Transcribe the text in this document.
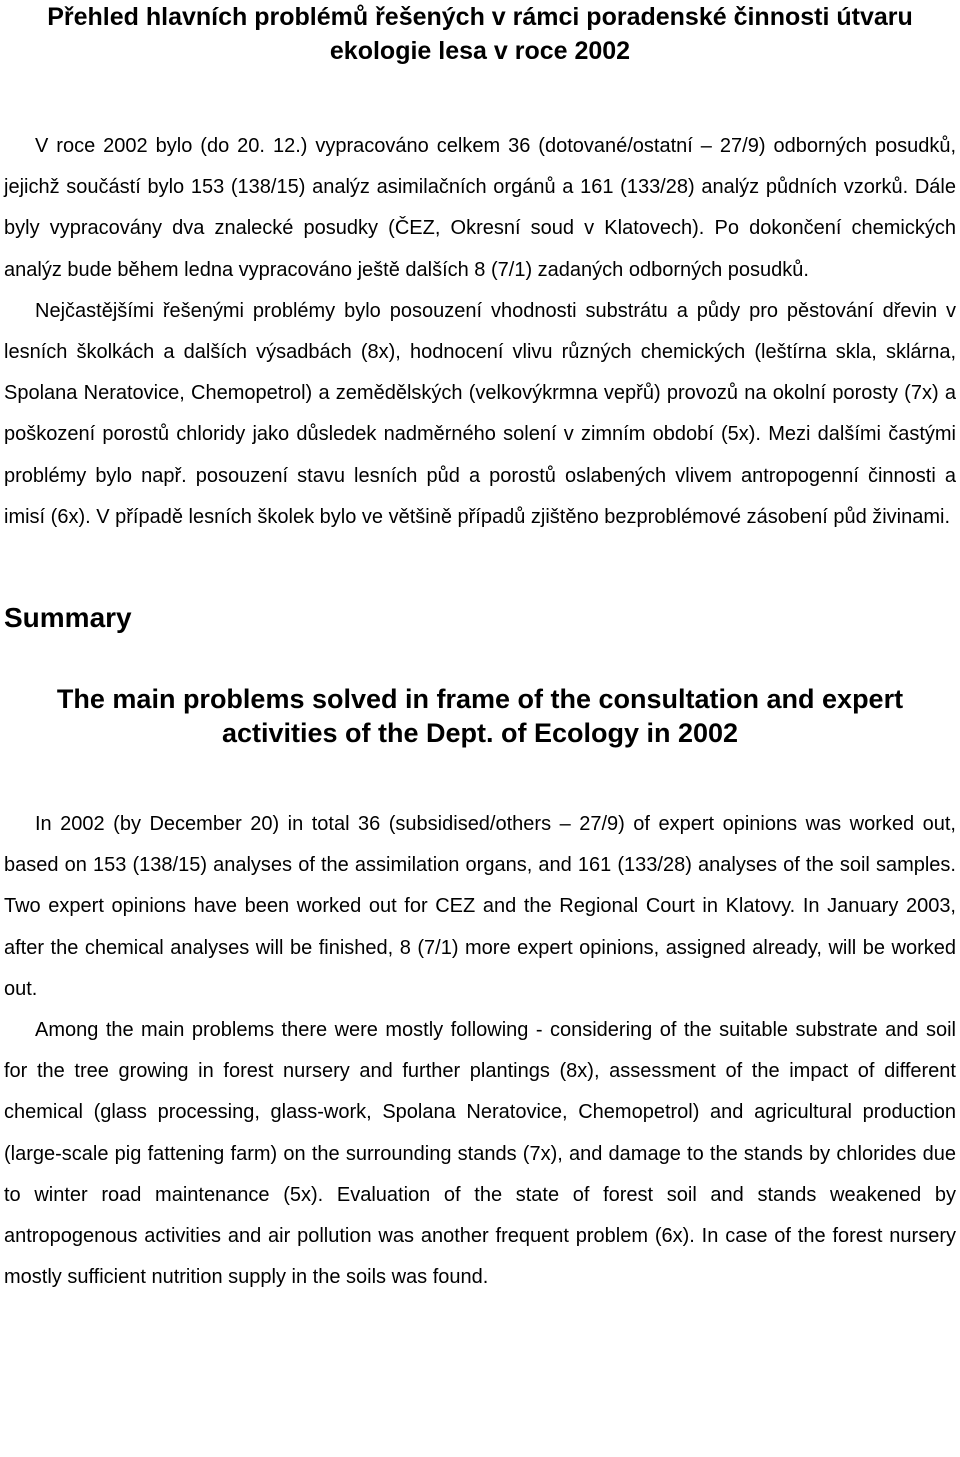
Přehled hlavních problémů řešených v rámci poradenské činnosti útvaru ekologie lesa v roce 2002

V roce 2002 bylo (do 20. 12.) vypracováno celkem 36 (dotované/ostatní – 27/9) odborných posudků, jejichž součástí bylo 153 (138/15) analýz asimilačních orgánů a 161 (133/28) analýz půdních vzorků. Dále byly vypracovány dva znalecké posudky (ČEZ, Okresní soud v Klatovech). Po dokončení chemických analýz bude během ledna vypracováno ještě dalších 8 (7/1) zadaných odborných posudků.

Nejčastějšími řešenými problémy bylo posouzení vhodnosti substrátu a půdy pro pěstování dřevin v lesních školkách a dalších výsadbách (8x), hodnocení vlivu různých chemických (leštírna skla, sklárna, Spolana Neratovice, Chemopetrol) a zemědělských (velkovýkrmna vepřů) provozů na okolní porosty (7x) a poškození porostů chloridy jako důsledek nadměrného solení v zimním období (5x). Mezi dalšími častými problémy bylo např. posouzení stavu lesních půd a porostů oslabených vlivem antropogenní činnosti a imisí (6x). V případě lesních školek bylo ve většině případů zjištěno bezproblémové zásobení půd živinami.

Summary
The main problems solved in frame of the consultation and expert activities of the Dept. of Ecology in 2002

In 2002 (by December 20) in total 36 (subsidised/others – 27/9) of expert opinions was worked out, based on 153 (138/15) analyses of the assimilation organs, and 161 (133/28) analyses of the soil samples. Two expert opinions have been worked out for CEZ and the Regional Court in Klatovy. In January 2003, after the chemical analyses will be finished, 8 (7/1) more expert opinions, assigned already, will be worked out.

Among the main problems there were mostly following - considering of the suitable substrate and soil for the tree growing in forest nursery and further plantings (8x), assessment of the impact of different chemical (glass processing, glass-work, Spolana Neratovice, Chemopetrol) and agricultural production (large-scale pig fattening farm) on the surrounding stands (7x), and damage to the stands by chlorides due to winter road maintenance (5x). Evaluation of the state of forest soil and stands weakened by antropogenous activities and air pollution was another frequent problem (6x). In case of the forest nursery mostly sufficient nutrition supply in the soils was found.
